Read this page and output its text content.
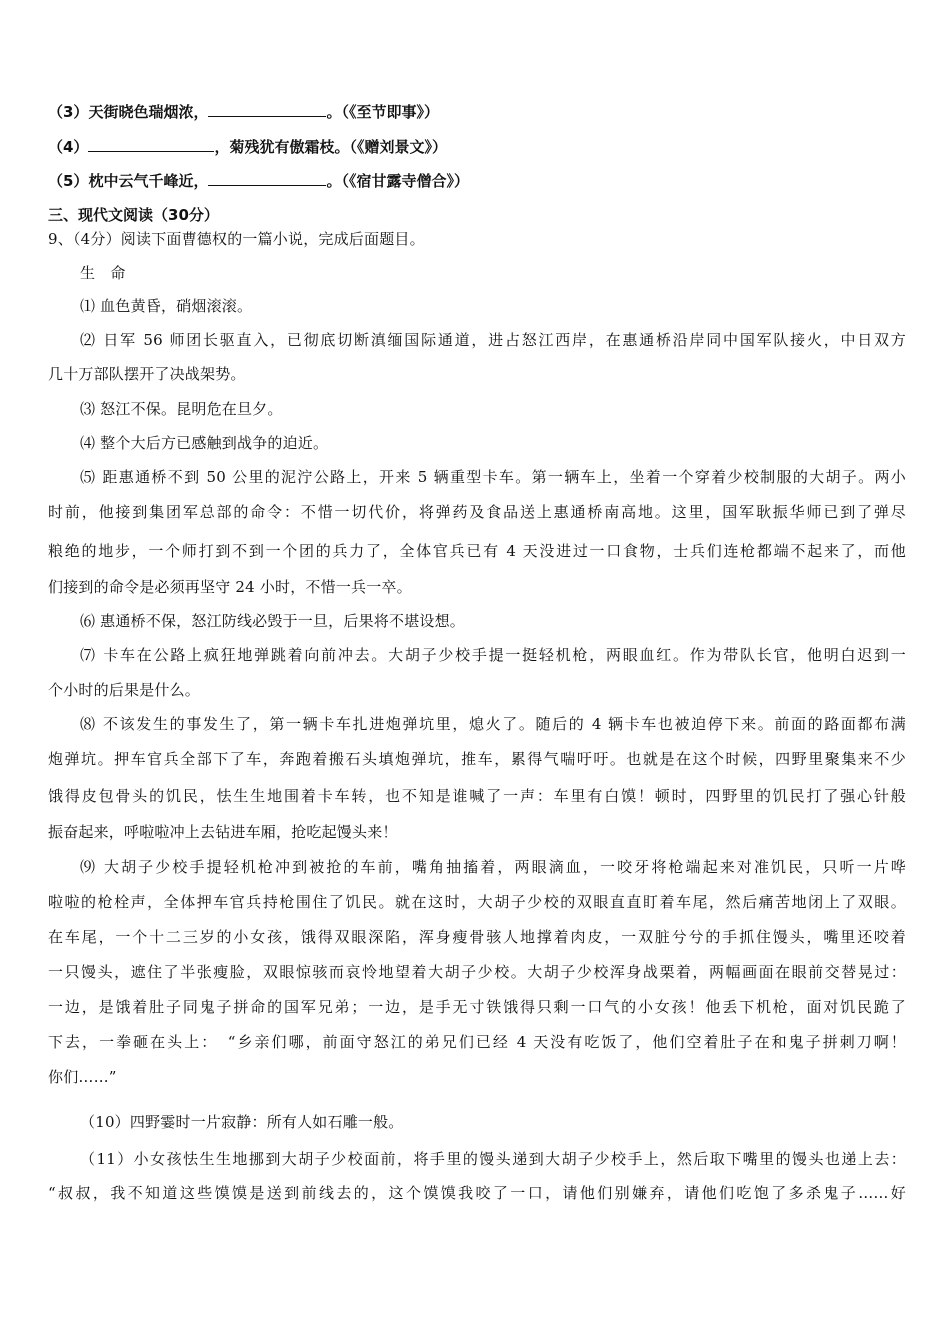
（3）天街晓色瑞烟浓，	。（《至节即事》）
（4）	，菊残犹有傲霜枝。（《赠刘景文》）
（5）枕中云气千峰近，	。（《宿甘露寺僧合》）
三、现代文阅读（30分）
9、（4分）阅读下面曹德权的一篇小说，完成后面题目。
生　命
⑴ 血色黄昏，硝烟滚滚。
⑵ 日军 56 师团长驱直入，已彻底切断滇缅国际通道，进占怒江西岸，在惠通桥沿岸同中国军队接火，中日双方
几十万部队摆开了决战架势。
⑶ 怒江不保。昆明危在旦夕。
⑷ 整个大后方已感触到战争的迫近。
⑸ 距惠通桥不到 50 公里的泥泞公路上，开来 5 辆重型卡车。第一辆车上，坐着一个穿着少校制服的大胡子。两小
时前，他接到集团军总部的命令：不惜一切代价，将弹药及食品送上惠通桥南高地。这里，国军耿振华师已到了弹尽
粮绝的地步，一个师打到不到一个团的兵力了，全体官兵已有 4 天没进过一口食物，士兵们连枪都端不起来了，而他
们接到的命令是必须再坚守 24 小时，不惜一兵一卒。
⑹ 惠通桥不保，怒江防线必毁于一旦，后果将不堪设想。
⑺ 卡车在公路上疯狂地弹跳着向前冲去。大胡子少校手提一挺轻机枪，两眼血红。作为带队长官，他明白迟到一
个小时的后果是什么。
⑻ 不该发生的事发生了，第一辆卡车扎进炮弹坑里，熄火了。随后的 4 辆卡车也被迫停下来。前面的路面都布满
炮弹坑。押车官兵全部下了车，奔跑着搬石头填炮弹坑，推车，累得气喘吁吁。也就是在这个时候，四野里聚集来不少
饿得皮包骨头的饥民，怯生生地围着卡车转，也不知是谁喊了一声：车里有白馍！顿时，四野里的饥民打了强心针般
振奋起来，呼啦啦冲上去钻进车厢，抢吃起馒头来！
⑼ 大胡子少校手提轻机枪冲到被抢的车前，嘴角抽搐着，两眼滴血，一咬牙将枪端起来对准饥民，只听一片哗
啦啦的枪栓声，全体押车官兵持枪围住了饥民。就在这时，大胡子少校的双眼直直盯着车尾，然后痛苦地闭上了双眼。
在车尾，一个十二三岁的小女孩，饿得双眼深陷，浑身瘦骨骇人地撑着肉皮，一双脏兮兮的手抓住馒头，嘴里还咬着
一只馒头，遮住了半张瘦脸，双眼惊骇而哀怜地望着大胡子少校。大胡子少校浑身战栗着，两幅画面在眼前交替晃过：
一边，是饿着肚子同鬼子拼命的国军兄弟；一边，是手无寸铁饿得只剩一口气的小女孩！他丢下机枪，面对饥民跪了
下去，一拳砸在头上：　“乡亲们哪，前面守怒江的弟兄们已经 4 天没有吃饭了，他们空着肚子在和鬼子拼刺刀啊！
你们……”
（10）四野霎时一片寂静：所有人如石雕一般。
（11）小女孩怯生生地挪到大胡子少校面前，将手里的馒头递到大胡子少校手上，然后取下嘴里的馒头也递上去：
“叔叔，我不知道这些馍馍是送到前线去的，这个馍馍我咬了一口，请他们别嫌弃，请他们吃饱了多杀鬼子……好
